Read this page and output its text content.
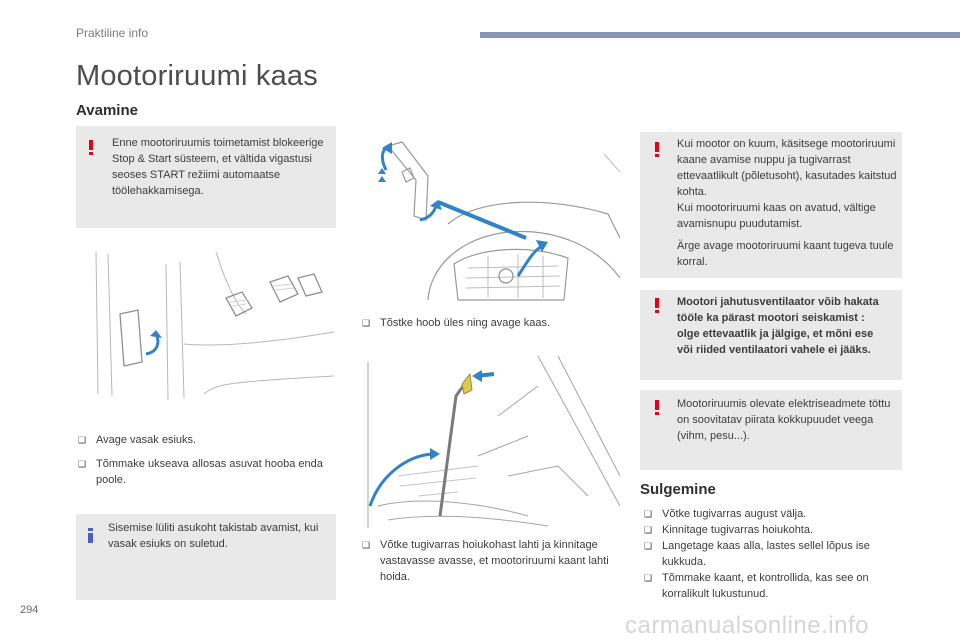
Praktiline info
Mootoriruumi kaas
Avamine
Enne mootoriruumis toimetamist blokeerige Stop & Start süsteem, et vältida vigastusi seoses START režiimi automaatse töölehakkamisega.
❑ Avage vasak esiuks.
❑ Tõmmake ukseava allosas asuvat hooba enda poole.
Sisemise lüliti asukoht takistab avamist, kui vasak esiuks on suletud.
❑ Tõstke hoob üles ning avage kaas.
❑ Võtke tugivarras hoiukohast lahti ja kinnitage vastavasse avasse, et mootoriruumi kaant lahti hoida.
Kui mootor on kuum, käsitsege mootoriruumi kaane avamise nuppu ja tugivarrast ettevaatlikult (põletusoht), kasutades kaitstud kohta.
Kui mootoriruumi kaas on avatud, vältige avamisnupu puudutamist.
Ärge avage mootoriruumi kaant tugeva tuule korral.
Mootori jahutusventilaator võib hakata tööle ka pärast mootori seiskamist : olge ettevaatlik ja jälgige, et mõni ese või riided ventilaatori vahele ei jääks.
Mootoriruumis olevate elektriseadmete töttu on soovitatav piirata kokkupuudet veega (vihm, pesu...).
Sulgemine
❑ Võtke tugivarras august välja.
❑ Kinnitage tugivarras hoiukohta.
❑ Langetage kaas alla, lastes sellel lõpus ise kukkuda.
❑ Tõmmake kaant, et kontrollida, kas see on korralikult lukustunud.
294
carmanualsonline.info
